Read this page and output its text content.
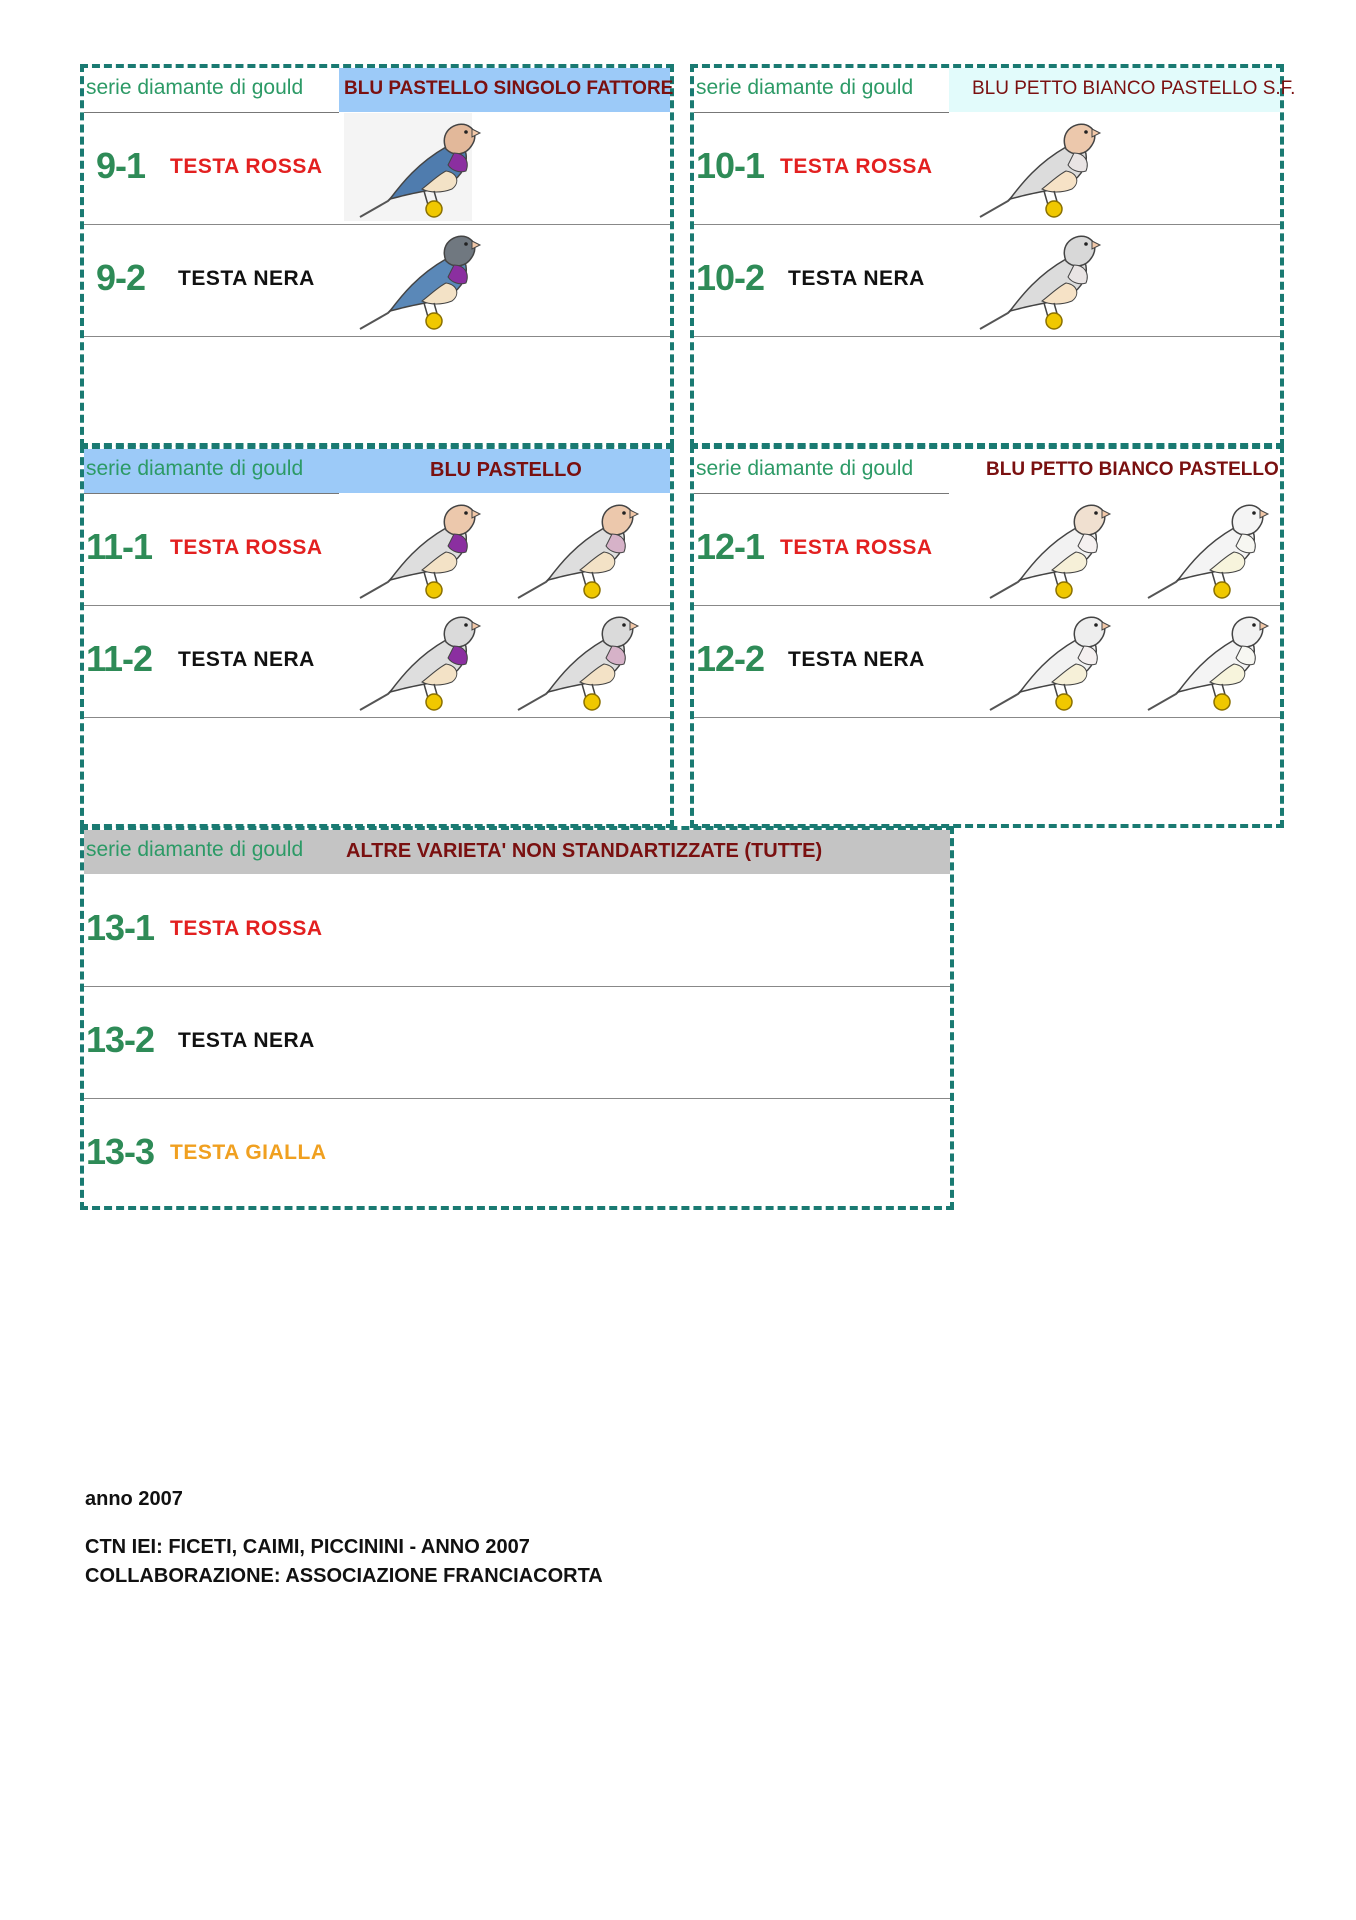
serie diamante di gould BLU PASTELLO SINGOLO FATTORE
9-1 TESTA ROSSA
9-2 TESTA NERA
serie diamante di gould	BLU PETTO BIANCO PASTELLO S.F.
10-1 TESTA ROSSA
10-2 TESTA NERA
serie diamante di gould	BLU PASTELLO
11-1 TESTA ROSSA
11-2 TESTA NERA
serie diamante di gould	BLU PETTO BIANCO PASTELLO
12-1 TESTA ROSSA
12-2 TESTA NERA
serie diamante di gould ALTRE VARIETA' NON STANDARTIZZATE (TUTTE)
13-1 TESTA ROSSA
13-2 TESTA NERA
13-3 TESTA GIALLA
anno 2007
CTN IEI: FICETI, CAIMI, PICCININI - ANNO 2007
COLLABORAZIONE: ASSOCIAZIONE FRANCIACORTA
